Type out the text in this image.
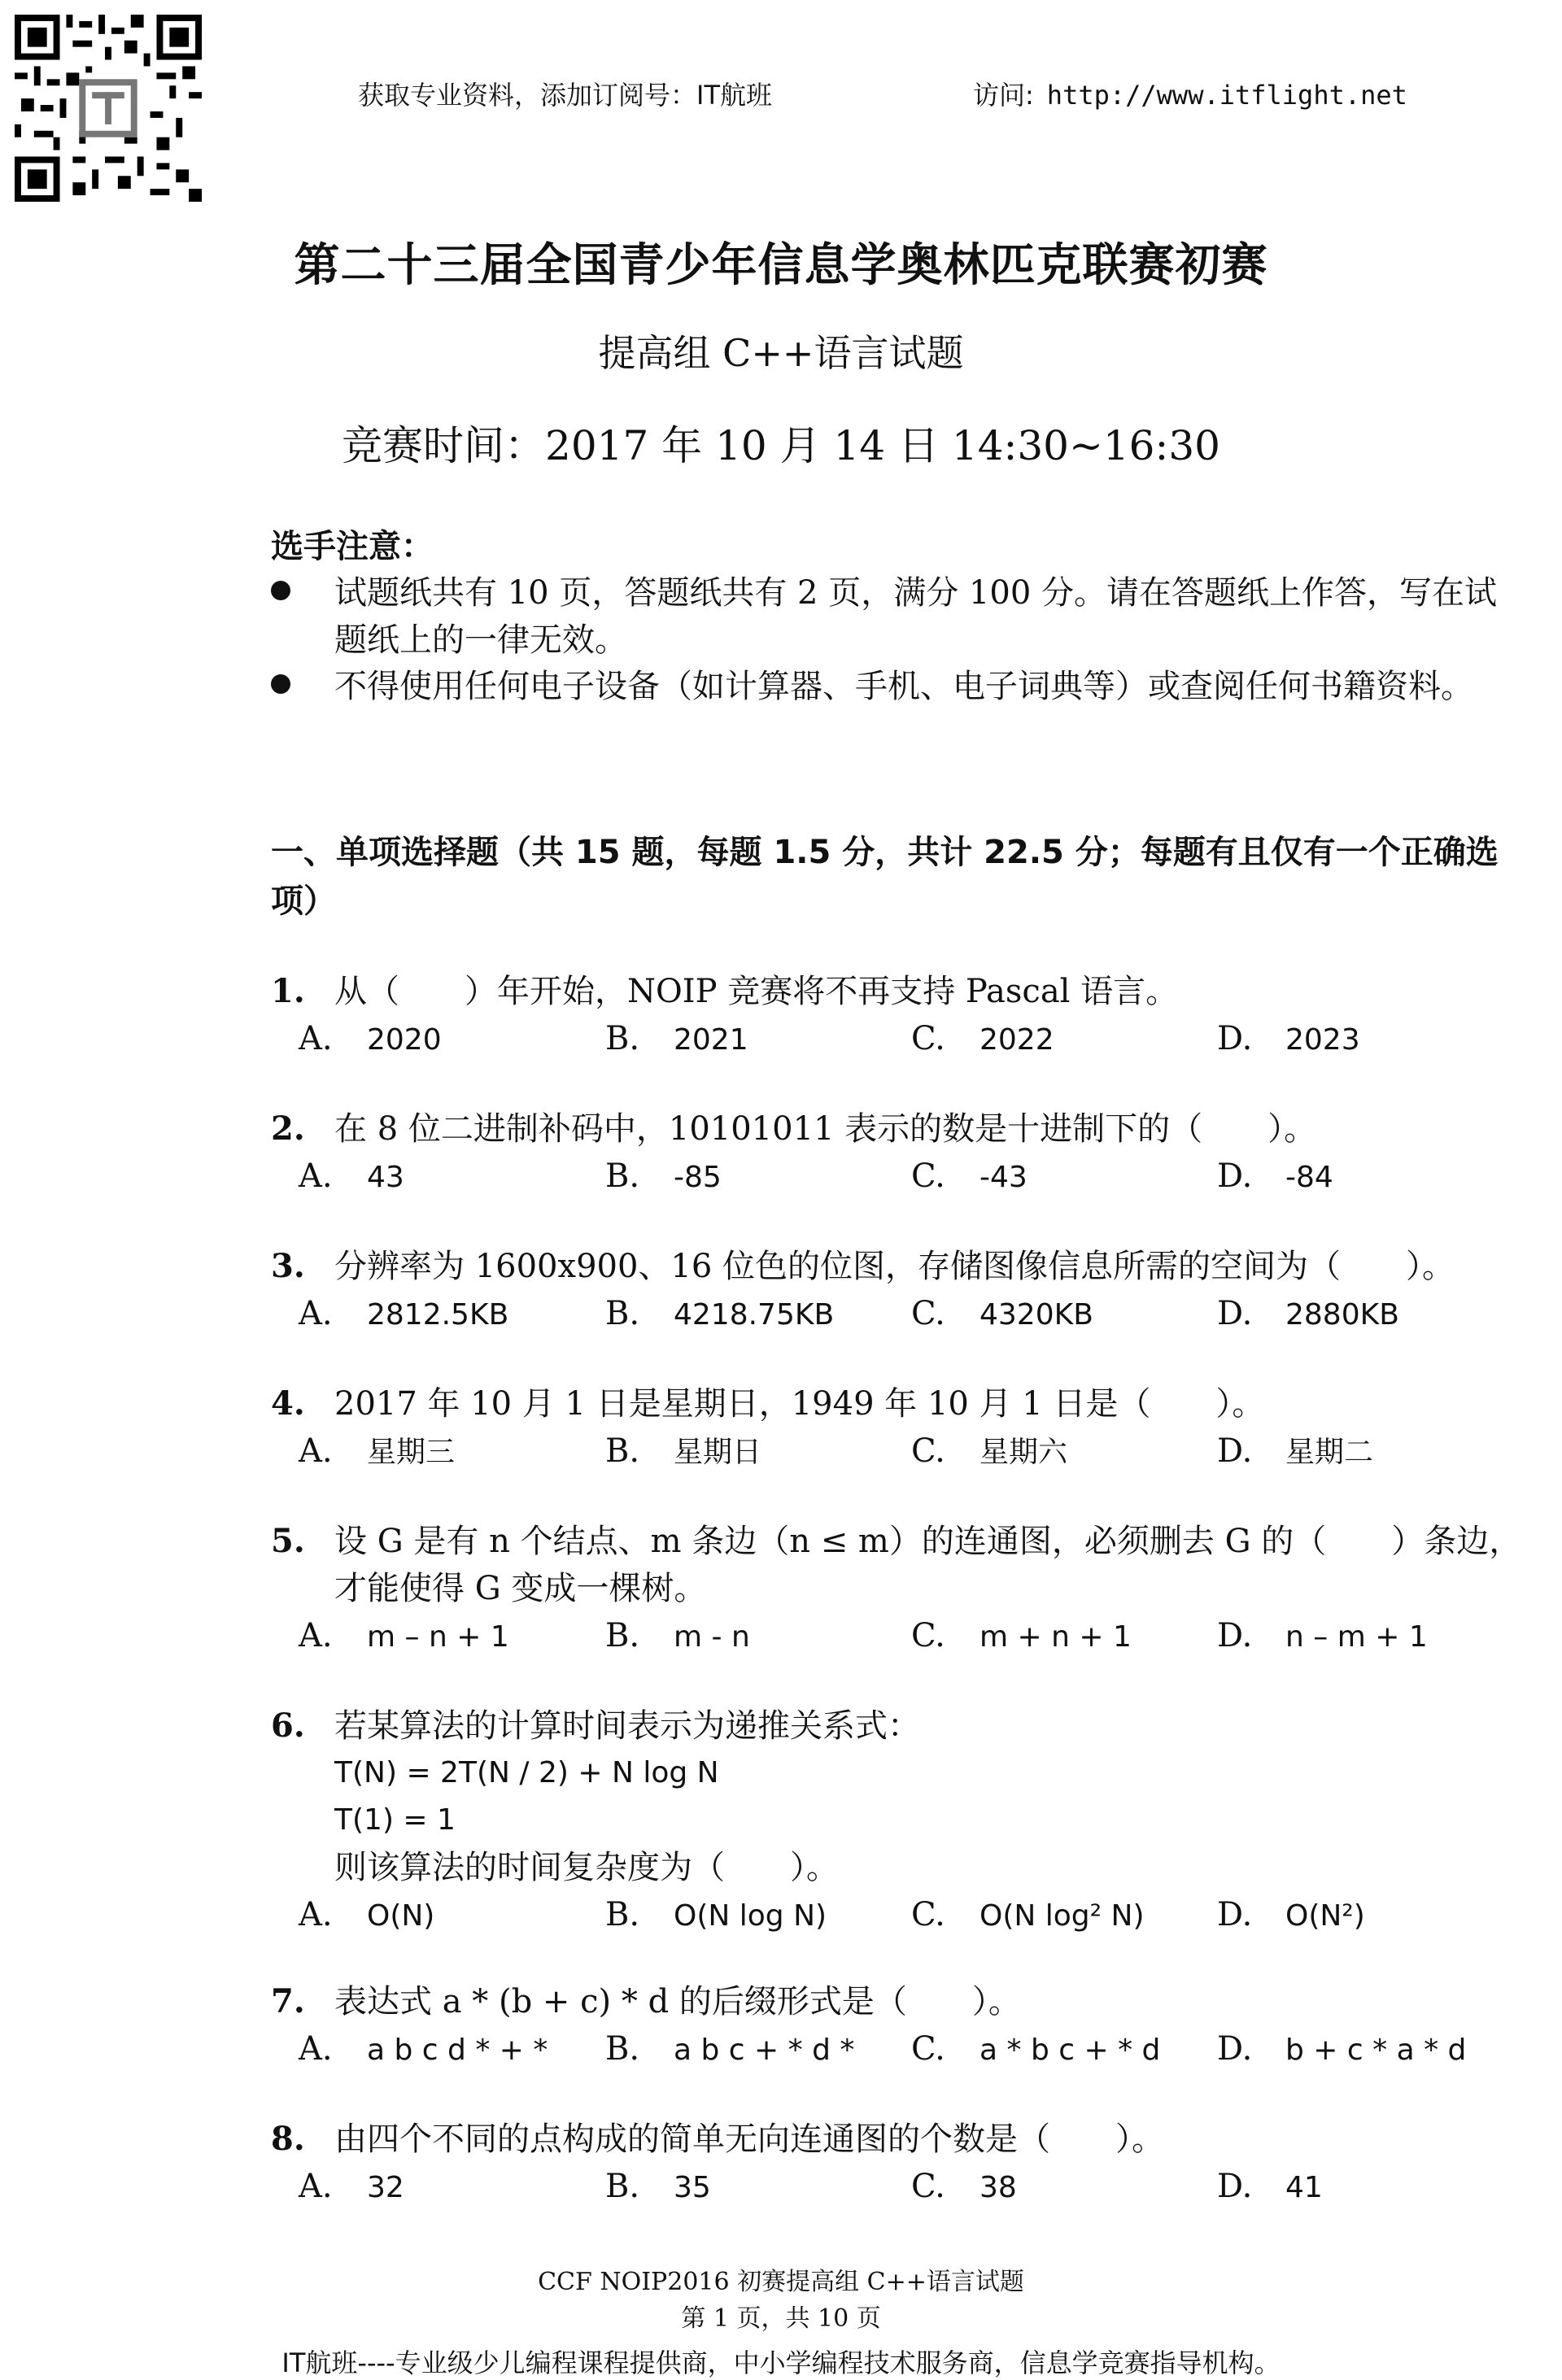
获取专业资料，添加订阅号：IT航班	访问: http://www.itflight.net
第二十三届全国青少年信息学奥林匹克联赛初赛
提高组 C++语言试题
竞赛时间：2017 年 10 月 14 日 14:30~16:30
选手注意：
试题纸共有 10 页，答题纸共有 2 页，满分 100 分。请在答题纸上作答，写在试题纸上的一律无效。
不得使用任何电子设备（如计算器、手机、电子词典等）或查阅任何书籍资料。
一、单项选择题（共 15 题，每题 1.5 分，共计 22.5 分；每题有且仅有一个正确选项）
1. 从（　　）年开始，NOIP 竞赛将不再支持 Pascal 语言。
A. 2020	B. 2021	C. 2022	D. 2023
2. 在 8 位二进制补码中，10101011 表示的数是十进制下的（　　）。
A. 43	B. -85	C. -43	D. -84
3. 分辨率为 1600x900、16 位色的位图，存储图像信息所需的空间为（　　）。
A. 2812.5KB	B. 4218.75KB C. 4320KB	D. 2880KB
4. 2017 年 10 月 1 日是星期日，1949 年 10 月 1 日是（　　）。
A. 星期三	B. 星期日	C. 星期六	D. 星期二
5. 设 G 是有 n 个结点、m 条边（n ≤ m）的连通图，必须删去 G 的（　　）条边，才能使得 G 变成一棵树。
A. m – n + 1	B. m - n	C. m + n + 1	D. n – m + 1
6. 若某算法的计算时间表示为递推关系式：
T(N) = 2T(N / 2) + N log N
T(1) = 1
则该算法的时间复杂度为（　　）。
A. O(N)	B. O(N log N)	C. O(N log² N) D. O(N²)
7. 表达式 a * (b + c) * d 的后缀形式是（　　）。
A. a b c d * + * B. a b c + * d * C. a * b c + * d D. b + c * a * d
8. 由四个不同的点构成的简单无向连通图的个数是（　　）。
A. 32	B. 35	C. 38	D. 41
CCF NOIP2016 初赛提高组 C++语言试题
第 1 页，共 10 页
IT航班----专业级少儿编程课程提供商，中小学编程技术服务商，信息学竞赛指导机构。
